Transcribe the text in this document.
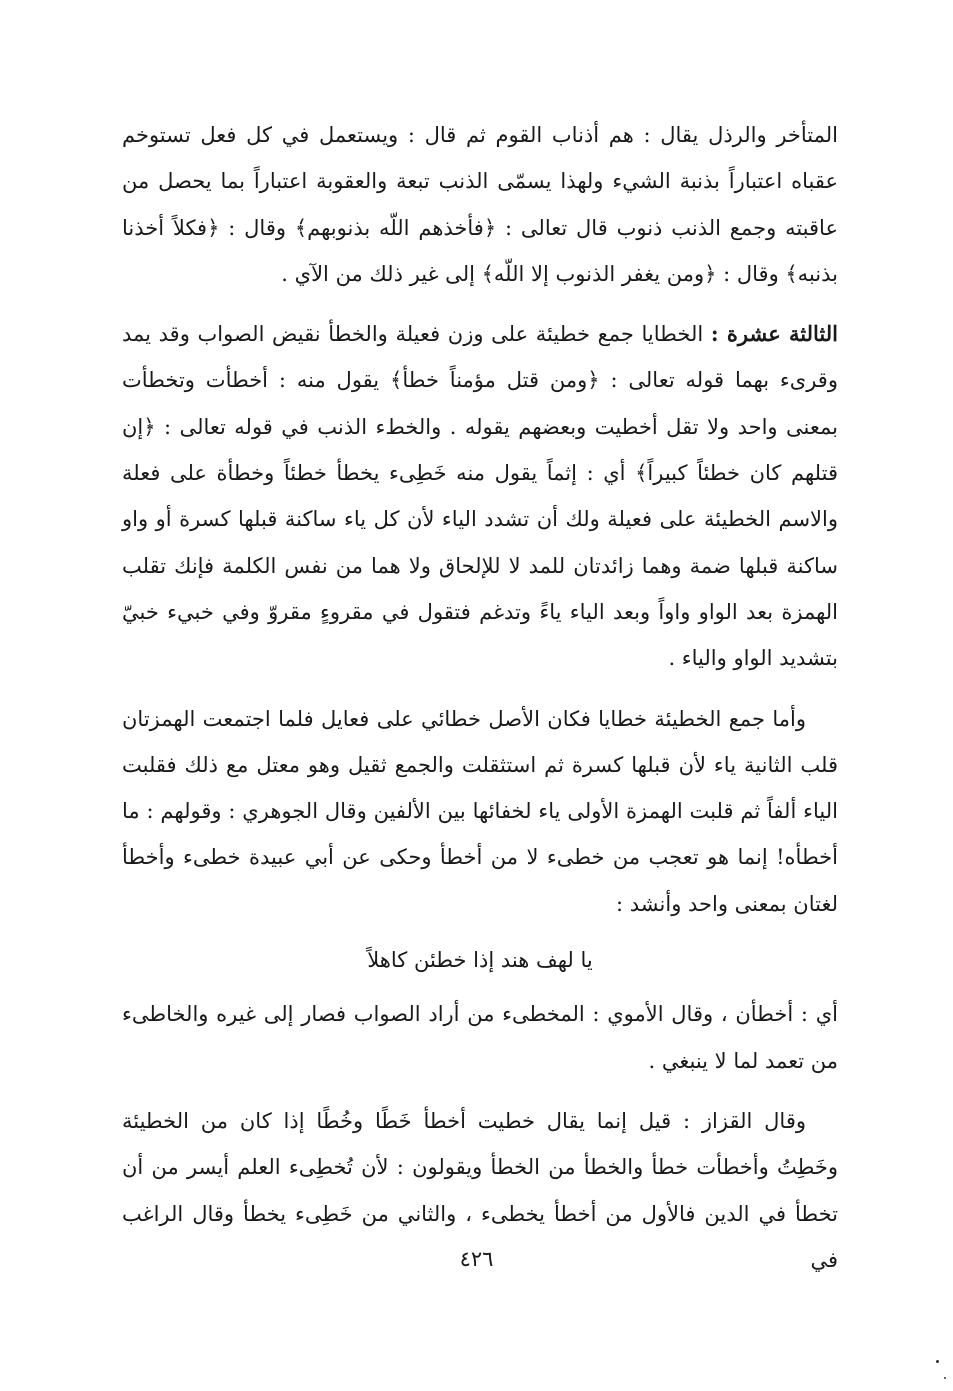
المتأخر والرذل يقال : هم أذناب القوم ثم قال : ويستعمل في كل فعل تستوخم عقباه اعتباراً بذنبة الشيء ولهذا يسمّى الذنب تبعة والعقوبة اعتباراً بما يحصل من عاقبته وجمع الذنب ذنوب قال تعالى : ﴿فأخذهم اللّه بذنوبهم﴾ وقال : ﴿فكلاً أخذنا بذنبه﴾ وقال : ﴿ومن يغفر الذنوب إلا اللّه﴾ إلى غير ذلك من الآي .

الثالثة عشرة : الخطايا جمع خطيئة على وزن فعيلة والخطأ نقيض الصواب وقد يمد وقرىء بهما قوله تعالى : ﴿ومن قتل مؤمناً خطأ﴾ يقول منه : أخطأت وتخطأت بمعنى واحد ولا تقل أخطيت وبعضهم يقوله . والخطء الذنب في قوله تعالى : ﴿إن قتلهم كان خطئاً كبيراً﴾ أي : إثماً يقول منه خَطِىء يخطأ خطئاً وخطأة على فعلة والاسم الخطيئة على فعيلة ولك أن تشدد الياء لأن كل ياء ساكنة قبلها كسرة أو واو ساكنة قبلها ضمة وهما زائدتان للمد لا للإلحاق ولا هما من نفس الكلمة فإنك تقلب الهمزة بعد الواو واواً وبعد الياء ياءً وتدغم فتقول في مقروءٍ مقروّ وفي خبيء خبيّ بتشديد الواو والياء .

وأما جمع الخطيئة خطايا فكان الأصل خطائي على فعايل فلما اجتمعت الهمزتان قلب الثانية ياء لأن قبلها كسرة ثم استثقلت والجمع ثقيل وهو معتل مع ذلك فقلبت الياء ألفاً ثم قلبت الهمزة الأولى ياء لخفائها بين الألفين وقال الجوهري : وقولهم : ما أخطأه! إنما هو تعجب من خطىء لا من أخطأ وحكى عن أبي عبيدة خطىء وأخطأ لغتان بمعنى واحد وأنشد :

يا لهف هند إذا خطئن كاهلاً

أي : أخطأن ، وقال الأموي : المخطىء من أراد الصواب فصار إلى غيره والخاطىء من تعمد لما لا ينبغي .

وقال القزاز : قيل إنما يقال خطيت أخطأ خَطًا وخُطًا إذا كان من الخطيئة وخَطِتُ وأخطأت خطأ والخطأ من الخطأ ويقولون : لأن تُخطِىء العلم أيسر من أن تخطأ في الدين فالأول من أخطأ يخطىء ، والثاني من خَطِىء يخطأ وقال الراغب في

٤٢٦
